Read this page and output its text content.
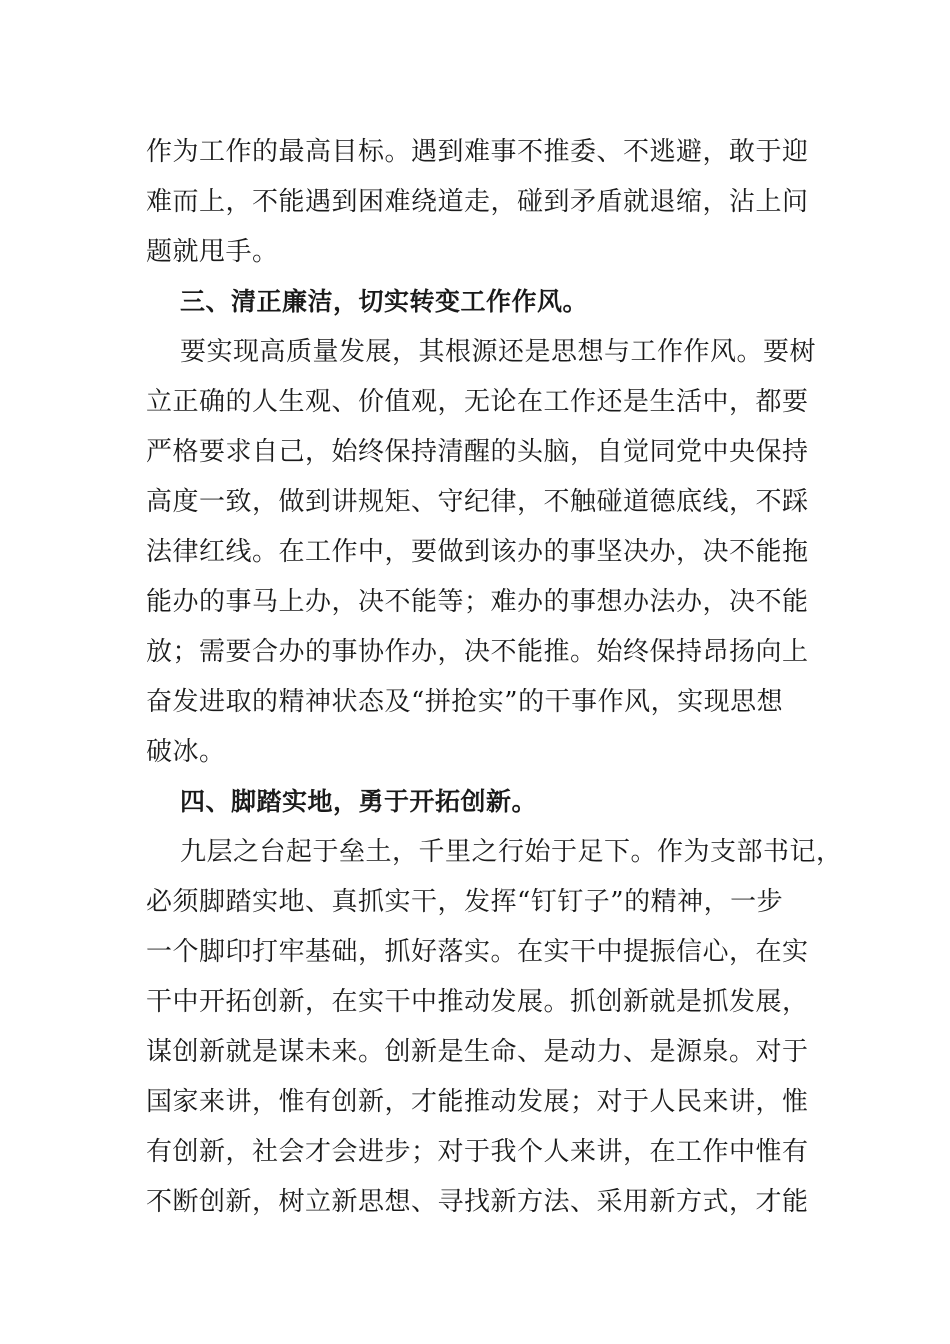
作为工作的最高目标。遇到难事不推委、不逃避，敢于迎
难而上，不能遇到困难绕道走，碰到矛盾就退缩，沾上问
题就甩手。
三、清正廉洁，切实转变工作作风。
要实现高质量发展，其根源还是思想与工作作风。要树
立正确的人生观、价值观，无论在工作还是生活中，都要
严格要求自己，始终保持清醒的头脑，自觉同党中央保持
高度一致，做到讲规矩、守纪律，不触碰道德底线，不踩
法律红线。在工作中，要做到该办的事坚决办，决不能拖
能办的事马上办，决不能等；难办的事想办法办，决不能
放；需要合办的事协作办，决不能推。始终保持昂扬向上
奋发进取的精神状态及“拼抢实”的干事作风，实现思想
破冰。
四、脚踏实地，勇于开拓创新。
九层之台起于垒土，千里之行始于足下。作为支部书记，
必须脚踏实地、真抓实干，发挥“钉钉子”的精神，一步
一个脚印打牢基础，抓好落实。在实干中提振信心，在实
干中开拓创新，在实干中推动发展。抓创新就是抓发展，
谋创新就是谋未来。创新是生命、是动力、是源泉。对于
国家来讲，惟有创新，才能推动发展；对于人民来讲，惟
有创新，社会才会进步；对于我个人来讲，在工作中惟有
不断创新，树立新思想、寻找新方法、采用新方式，才能
